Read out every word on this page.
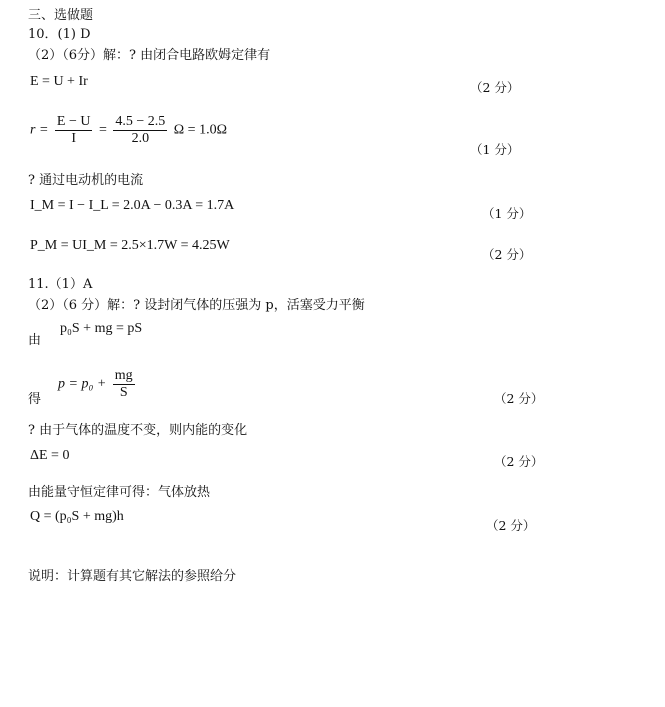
三、选做题
10．(1) D
（2）（6分）解：? 由闭合电路欧姆定律有
E = U + Ir	（2 分）
$r = \frac{E - U}{I} = \frac{4.5 - 2.5}{2.0}$ Ω = 1.0Ω
（1 分）
? 通过电动机的电流
I_M = I − I_L = 2.0A − 0.3A = 1.7A
（1 分）
P_M = UI_M = 2.5×1.7W = 4.25W
（2 分）
11.（1）A
（2）（6 分）解：? 设封闭气体的压强为 p，活塞受力平衡
由
p₀S + mg = pS
得
$p = p_0 + \frac{mg}{S}$	（2 分）
? 由于气体的温度不变，则内能的变化
ΔE = 0	（2 分）
由能量守恒定律可得：气体放热
Q = (p₀S + mg)h
（2 分）
说明：计算题有其它解法的参照给分
